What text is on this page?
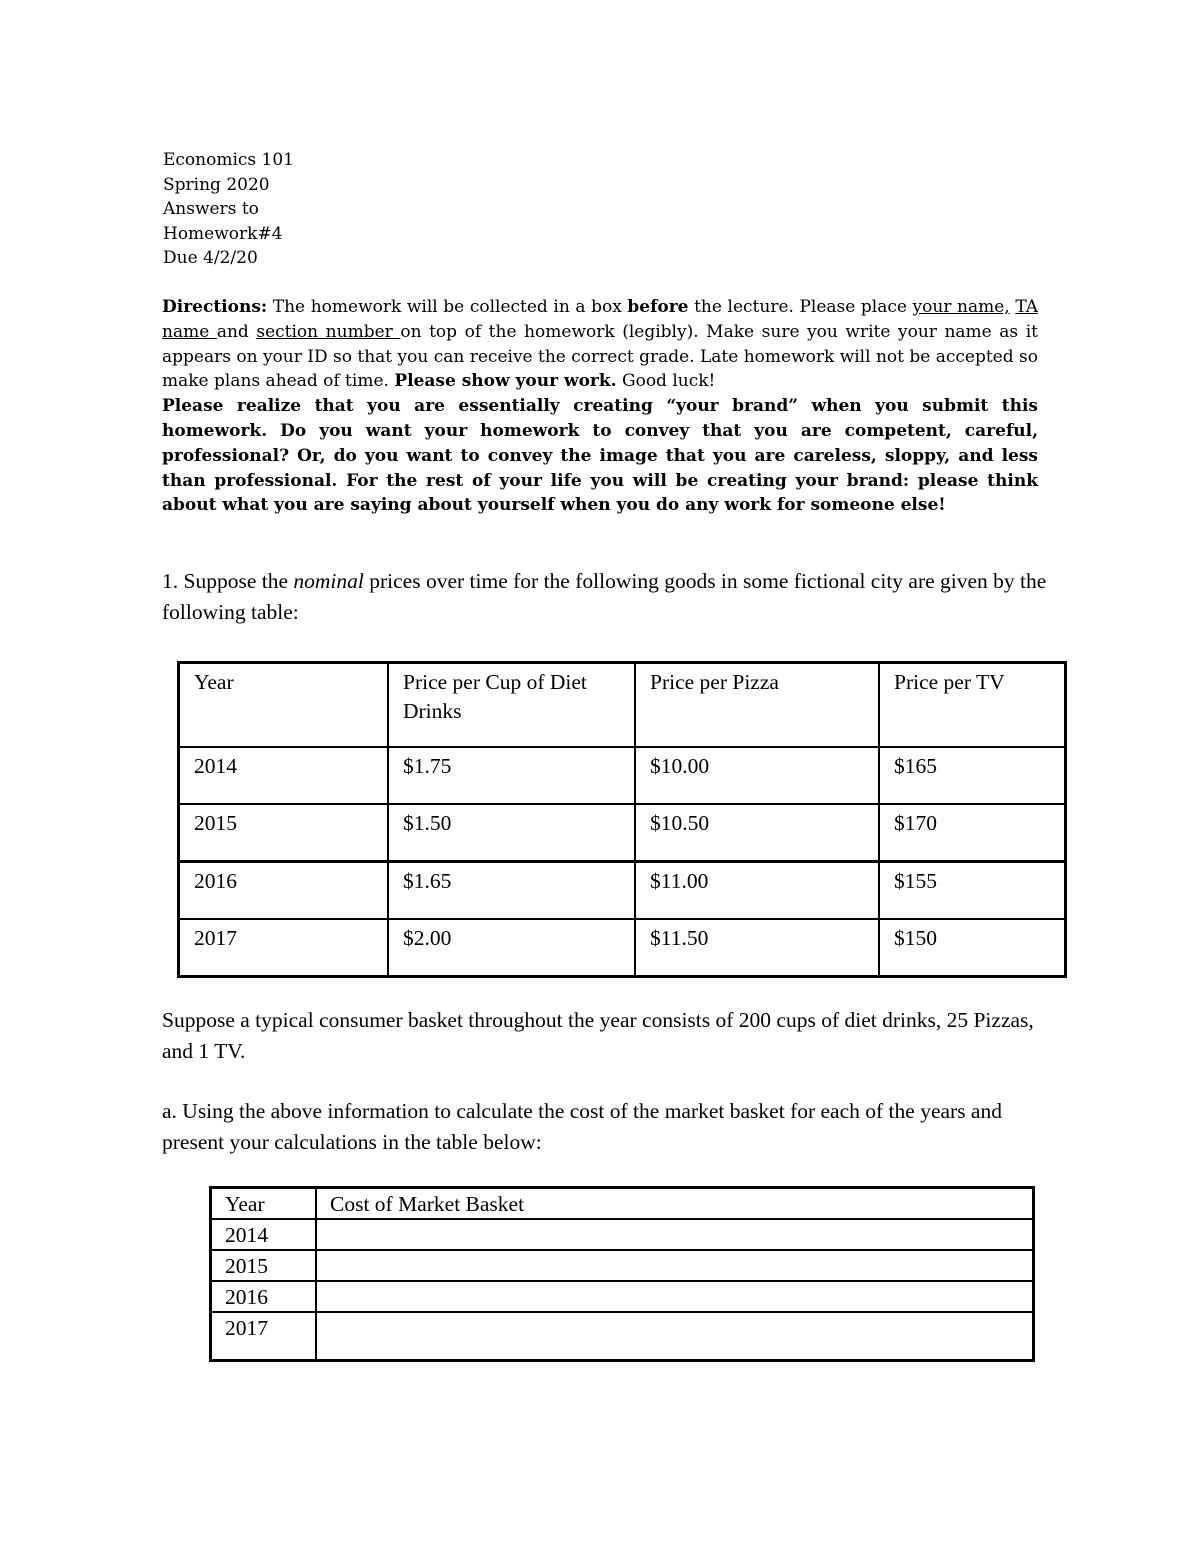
Economics 101
Spring 2020
Answers to
Homework#4
Due 4/2/20
Directions: The homework will be collected in a box before the lecture. Please place your name, TA name and section number on top of the homework (legibly). Make sure you write your name as it appears on your ID so that you can receive the correct grade. Late homework will not be accepted so make plans ahead of time. Please show your work. Good luck!
Please realize that you are essentially creating “your brand” when you submit this homework. Do you want your homework to convey that you are competent, careful, professional? Or, do you want to convey the image that you are careless, sloppy, and less than professional. For the rest of your life you will be creating your brand: please think about what you are saying about yourself when you do any work for someone else!
1. Suppose the nominal prices over time for the following goods in some fictional city are given by the following table:
Year	Price per Cup of Diet Drinks	Price per Pizza	Price per TV
2014	$1.75	$10.00	$165
2015	$1.50	$10.50	$170
2016	$1.65	$11.00	$155
2017	$2.00	$11.50	$150
Suppose a typical consumer basket throughout the year consists of 200 cups of diet drinks, 25 Pizzas, and 1 TV.
a. Using the above information to calculate the cost of the market basket for each of the years and present your calculations in the table below:
Year	Cost of Market Basket
2014	
2015	
2016	
2017	
